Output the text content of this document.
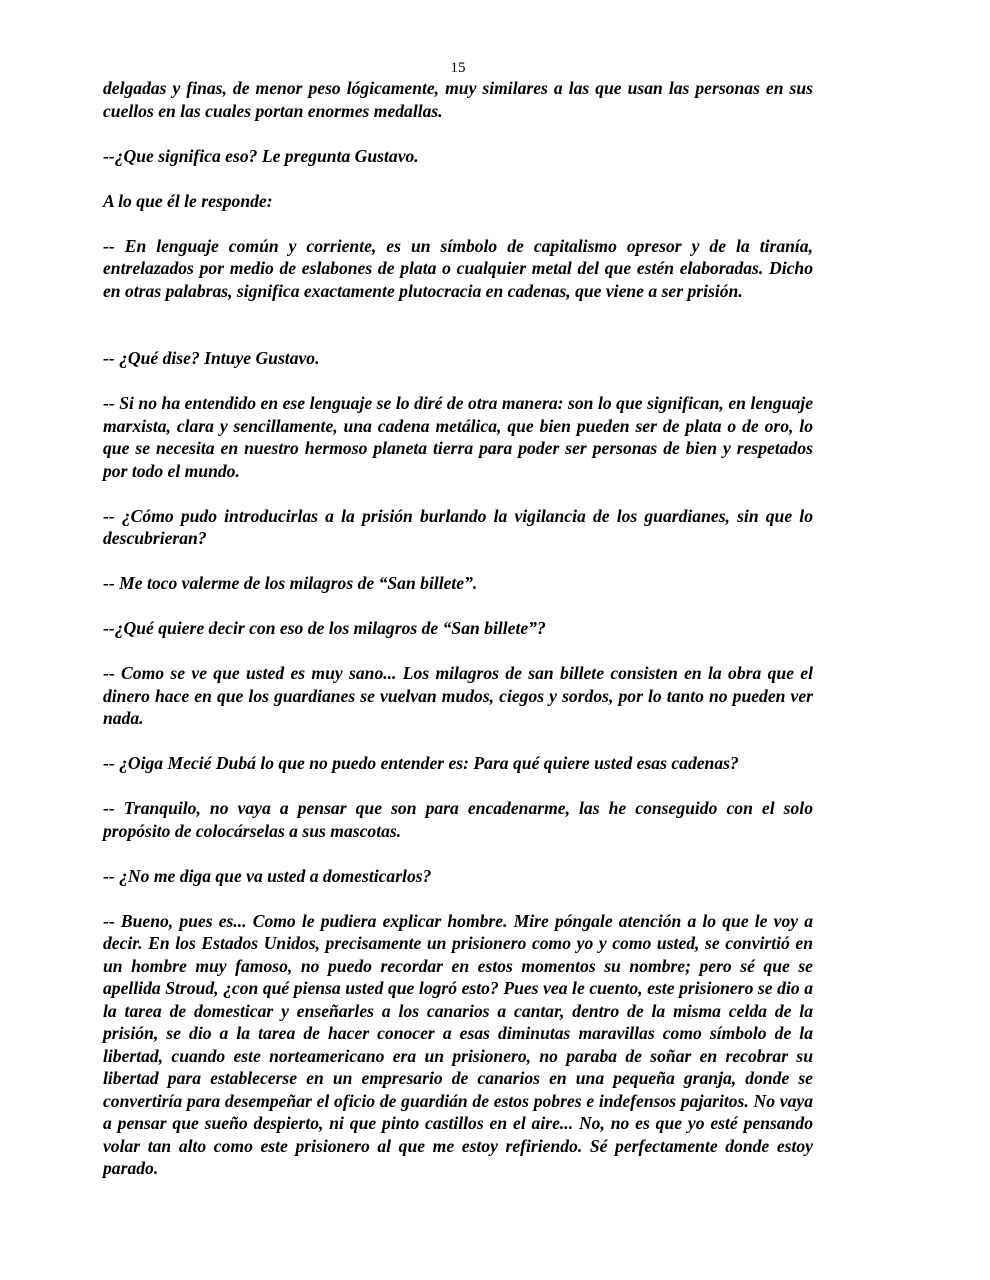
15

delgadas y finas, de menor peso lógicamente, muy similares a las que usan las personas en sus cuellos en las cuales portan enormes medallas.

--¿Que significa eso? Le pregunta Gustavo.

A lo que él le responde:

-- En lenguaje común y corriente, es un símbolo de capitalismo opresor y de la tiranía, entrelazados por medio de eslabones de plata o cualquier metal del que estén elaboradas. Dicho en otras palabras, significa exactamente plutocracia en cadenas, que viene a ser prisión.

-- ¿Qué dise? Intuye Gustavo.

-- Si no ha entendido en ese lenguaje se lo diré de otra manera: son lo que significan, en lenguaje marxista, clara y sencillamente, una cadena metálica, que bien pueden ser de plata o de oro, lo que se necesita en nuestro hermoso planeta tierra para poder ser personas de bien y respetados por todo el mundo.

-- ¿Cómo pudo introducirlas a la prisión burlando la vigilancia de los guardianes, sin que lo descubrieran?

-- Me toco valerme de los milagros de “San billete”.

--¿Qué quiere decir con eso de los milagros de “San billete”?

-- Como se ve que usted es muy sano... Los milagros de san billete consisten en la obra que el dinero hace en que los guardianes se vuelvan mudos, ciegos y sordos, por lo tanto no pueden ver nada.

-- ¿Oiga Mecié Dubá lo que no puedo entender es: Para qué quiere usted esas cadenas?

-- Tranquilo, no vaya a pensar que son para encadenarme, las he conseguido con el solo propósito de colocárselas a sus mascotas.

-- ¿No me diga que va usted a domesticarlos?

-- Bueno, pues es... Como le pudiera explicar hombre. Mire póngale atención a lo que le voy a decir. En los Estados Unidos, precisamente un prisionero como yo y como usted, se convirtió en un hombre muy famoso, no puedo recordar en estos momentos su nombre; pero sé que se apellida Stroud, ¿con qué piensa usted que logró esto? Pues vea le cuento, este prisionero se dio a la tarea de domesticar y enseñarles a los canarios a cantar, dentro de la misma celda de la prisión, se dio a la tarea de hacer conocer a esas diminutas maravillas como símbolo de la libertad, cuando este norteamericano era un prisionero, no paraba de soñar en recobrar su libertad para establecerse en un empresario de canarios en una pequeña granja, donde se convertiría para desempeñar el oficio de guardián de estos pobres e indefensos pajaritos. No vaya a pensar que sueño despierto, ni que pinto castillos en el aire... No, no es que yo esté pensando volar tan alto como este prisionero al que me estoy refiriendo. Sé perfectamente donde estoy parado.
